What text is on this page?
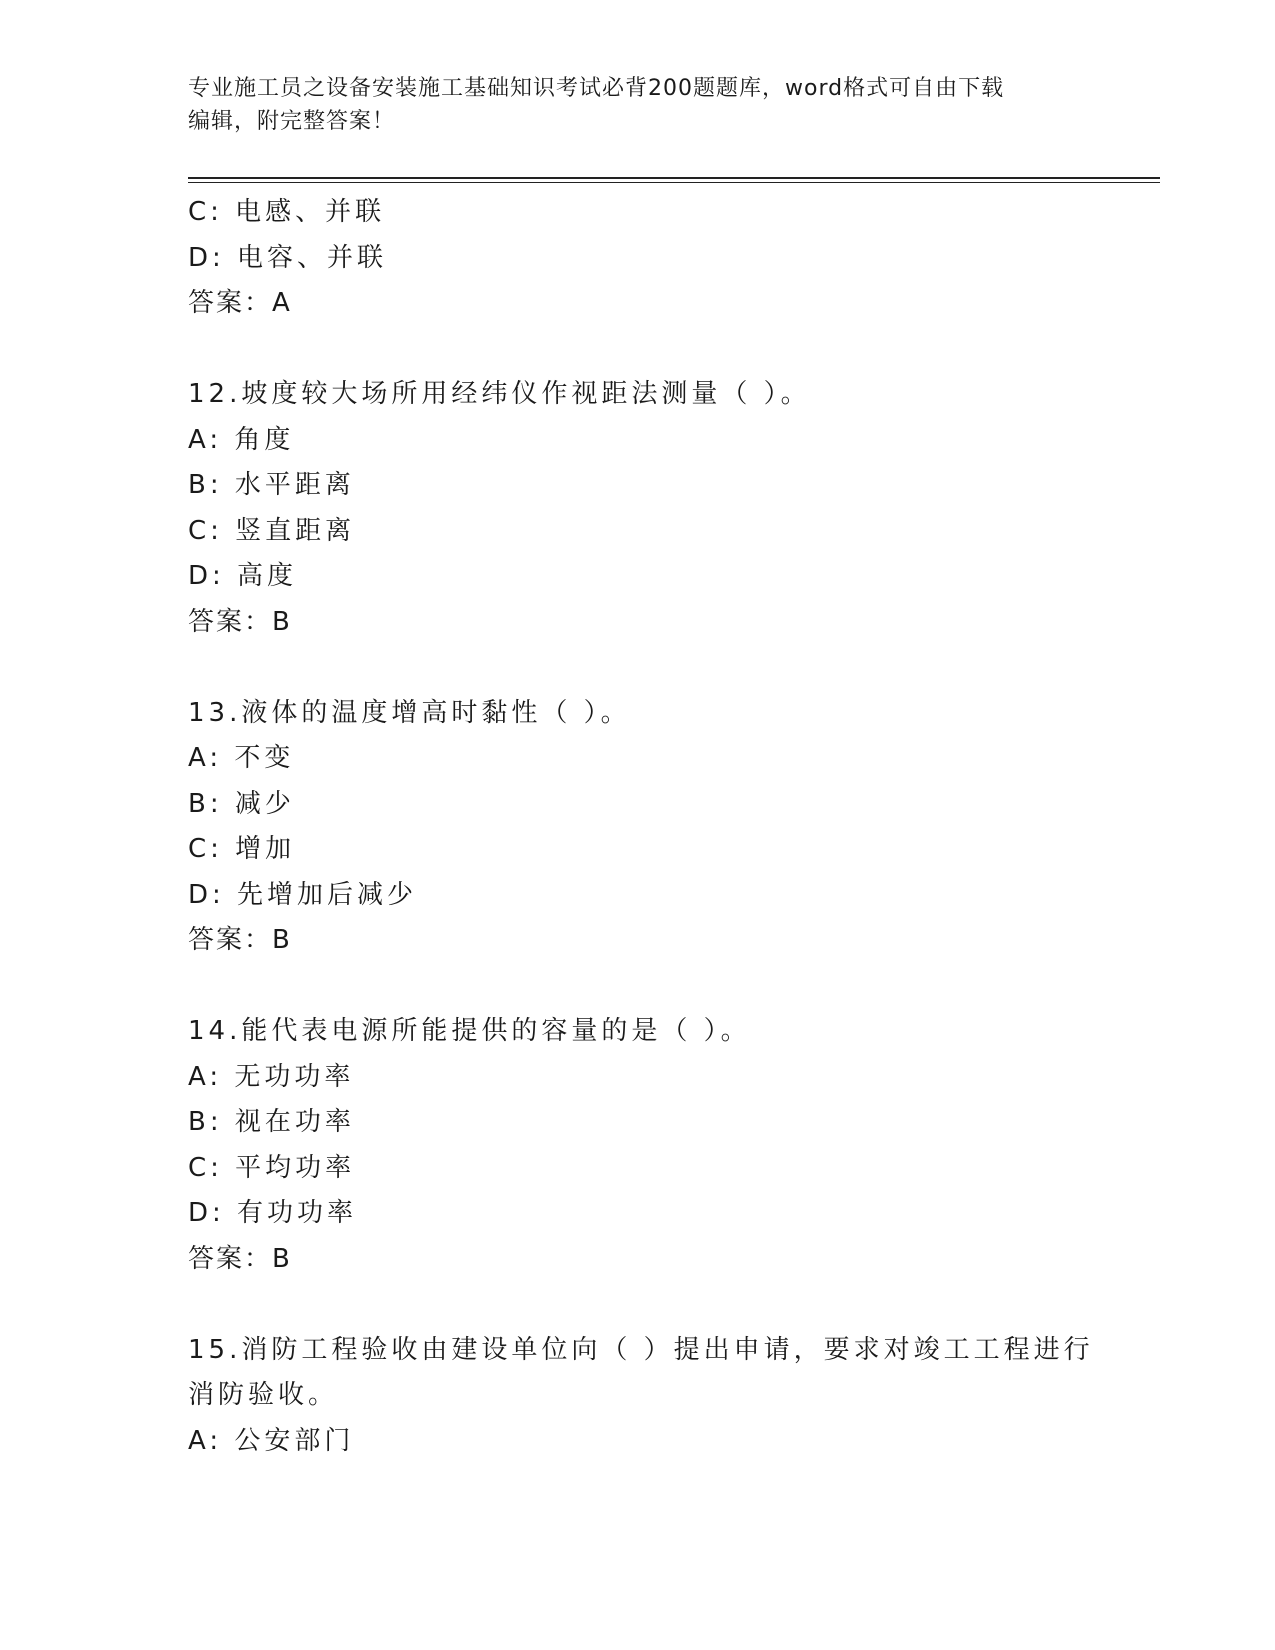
专业施工员之设备安装施工基础知识考试必背200题题库，word格式可自由下载
编辑，附完整答案！
C: 电感、并联
D: 电容、并联
答案：A
12.坡度较大场所用经纬仪作视距法测量（ ）。
A: 角度
B: 水平距离
C: 竖直距离
D: 高度
答案：B
13.液体的温度增高时黏性（ ）。
A: 不变
B: 减少
C: 增加
D: 先增加后减少
答案：B
14.能代表电源所能提供的容量的是（ ）。
A: 无功功率
B: 视在功率
C: 平均功率
D: 有功功率
答案：B
15.消防工程验收由建设单位向（ ）提出申请，要求对竣工工程进行
消防验收。
A: 公安部门
